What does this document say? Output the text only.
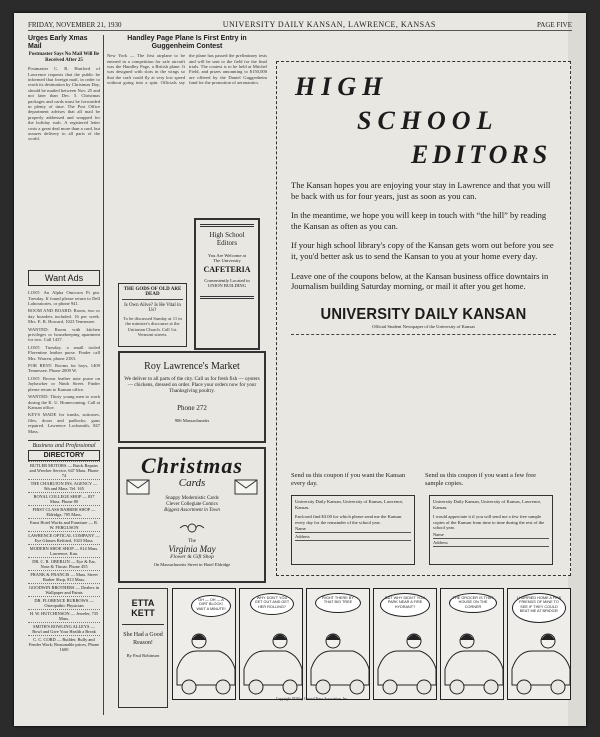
FRIDAY, NOVEMBER 21, 1930	UNIVERSITY DAILY KANSAN, LAWRENCE, KANSAS	PAGE FIVE
Urges Early Xmas Mail
Postmaster Says No Mail Will Be Received After 25
Postmaster C. R. Hartford of Lawrence requests that the public be informed that foreign mail, in order to reach its destination by Christmas Day, should be mailed between Nov. 25 and not later than Dec. 5. Christmas packages and cards must be forwarded in plenty of time. The Post Office department advises that all mail be properly addressed and wrapped for the holiday rush. A registered letter costs a great deal more than a card, but assures delivery to all parts of the world.
Want Ads
LOST: An Alpha Omicron Pi pin. Tuesday. If found please return to Dell Laboratories, or phone 941.
ROOM AND BOARD: Room, two or day boarders included. 16 per week. Mrs. E. R. Howard, 1023 Tennessee.
WANTED: Room with kitchen privileges or housekeeping apartment for two. Call 1437.
LOST: Tuesday, a small tooled Florentine leather purse. Finder call Mrs. Warren, phone 2183.
FOR RENT: Rooms for boys, 1409 Tennessee. Phone 2009 W.
LOST: Brown leather note purse on Jayhawker or Ninth Street. Finder please return to Kansan office.
WANTED: Thirty young men to work during the K. U. Homecoming. Call at Kansan office.
KEYS MADE for trunks, suitcases, files, doors and padlocks; guns repaired. Lawrence Locksmith, 847 Mass.
Business and Professional
DIRECTORY
BUTLER MOTORS — Buick Repairs and Wrecker Service, 647 Mass. Phone 74
THE CHARLTON INS. AGENCY — 9th and Mass. Tel. 165
ROYAL COLLEGE SHOP — 837 Mass. Phone 80
FIRST CLASS BARBER SHOP — Eldridge, 705 Mass.
Ernst Hotel Works and Furniture — R. W. FERGUSON
LAWRENCE OPTICAL COMPANY — Eye Glasses Refitted, 1023 Mass.
MODERN SHOE SHOP — 814 Mass. Lawrence, Kan.
DR. C. R. OBERLIN — Eye & Ear, Nose & Throat. Phone 455
FRANK & FRANCIS — Mass. Street Barber Shop, 813 Mass.
GOODWIN BROTHERS — Dealers in Wallpaper and Paints
DR. FLORENCE BURROWS — Osteopathic Physician
H. W. HUTCHINSON — Jeweler, 735 Mass.
SMITH'S BOWLING ALLEYS — Bowl and Give Your Health a Break
C. C. CORD — Builder, Bully and Fender Work; Reasonable prices, Phone 1600
Handley Page Plane Is First Entry in Guggenheim Contest
New York — The first airplane to be entered in a competition for safe aircraft was the Handley Page, a British plane. It was designed with slots in the wings so that the craft could fly at very low speed without going into a spin. Officials say the plane has passed the preliminary tests and will be sent to the field for the final trials. The contest is to be held at Mitchel Field, and prizes amounting to $150,000 are offered by the Daniel Guggenheim fund for the promotion of aeronautics.
THE GODS OF OLD ARE DEAD
Is Own Alive? Is He Vital in Us?
To be discussed Sunday at 11 in the minister's discourse at the Unitarian Church. Call 1st. Vermont streets.
High School Editors
You Are Welcome at
The University
CAFETERIA
Conveniently Located in
UNION BUILDING
Roy Lawrence's Market
We deliver to all parts of the city. Call us for fresh fish — oysters — chickens, dressed on order. Place your orders now for your Thanksgiving poultry.
Phone 272
906 Massachusetts
Christmas
Cards
Snappy Modernistic Cards
Clever Collegiate Comics
Biggest Assortment in Town
The
Virginia May
Flower & Gift Shop
On Massachusetts Street in Hotel Eldridge
HIGH
SCHOOL
EDITORS
The Kansan hopes you are enjoying your stay in Lawrence and that you will be back with us for four years, just as soon as you can.
In the meantime, we hope you will keep in touch with “the hill” by reading the Kansan as often as you can.
If your high school library's copy of the Kansan gets worn out before you see it, you'd better ask us to send the Kansan to you at your home every day.
Leave one of the coupons below, at the Kansan business office downtairs in Journalism building Saturday morning, or mail it after you get home.
UNIVERSITY DAILY KANSAN
Official Student Newspaper of the University of Kansas
Send us this coupon if you want the Kansan every day.
Send us this coupon if you want a few free sample copies.
University Daily Kansan, University of Kansas, Lawrence, Kansas.
Enclosed find $3.00 for which please send me the Kansan every day for the remainder of the school year.
Name
Address
University Daily Kansan, University of Kansas, Lawrence, Kansas.
I would appreciate it if you will send me a few free sample copies of the Kansan from time to time during the rest of the school year.
Name
Address
ETTA
KETT
She Had a Good Reason!
By Paul Robinson
OH — OH — A DIRT BLOCK! WAIT A MINUTE!
WHY DON'T YOU GET OUT AND GET HER ROLLING?
RIGHT THERE BY THAT BIG TREE
BUT WHY DIDN'T YOU PARK NEAR A FIRE HYDRANT?
THE GROCER IS THAT HOUSE ON THE CORNER
I HURRIED HOME A FEW FRIENDS OF MINE TO SEE IF THEY COULD BEAT ME AT BRIDGE!
Copyright 1930 by Central Press Association, Inc.
